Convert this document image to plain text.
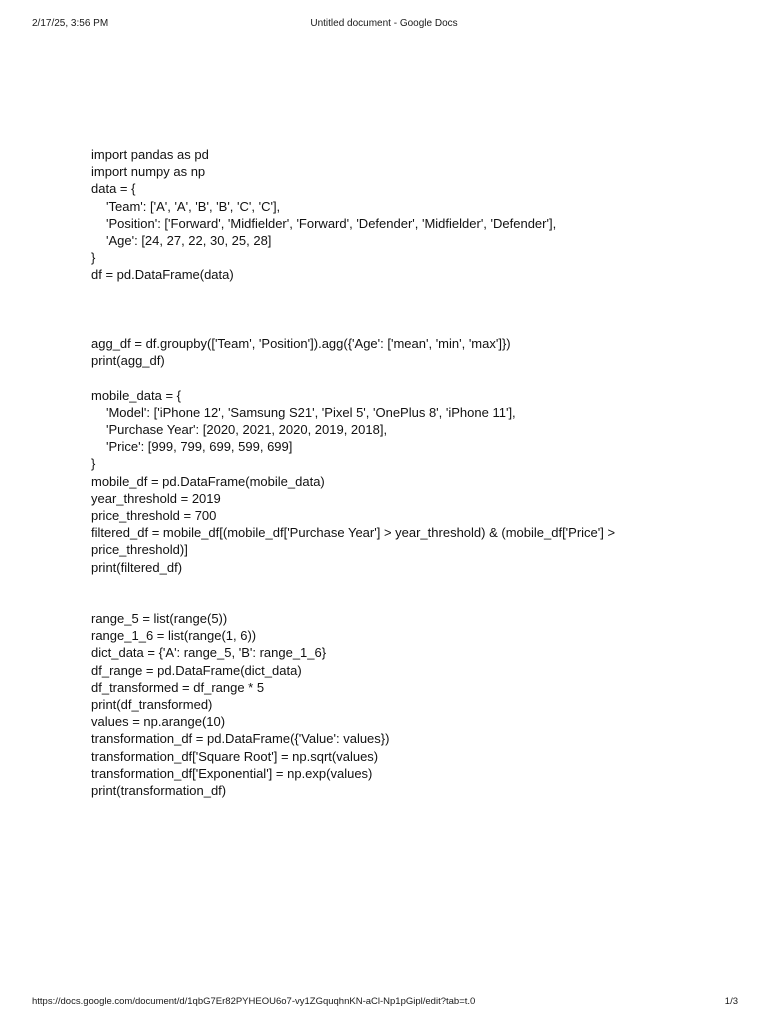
2/17/25, 3:56 PM	Untitled document - Google Docs
import pandas as pd
import numpy as np
data = {
'Team': ['A', 'A', 'B', 'B', 'C', 'C'],
'Position': ['Forward', 'Midfielder', 'Forward', 'Defender', 'Midfielder', 'Defender'],
'Age': [24, 27, 22, 30, 25, 28]
}
df = pd.DataFrame(data)
agg_df = df.groupby(['Team', 'Position']).agg({'Age': ['mean', 'min', 'max']})
print(agg_df)
mobile_data = {
'Model': ['iPhone 12', 'Samsung S21', 'Pixel 5', 'OnePlus 8', 'iPhone 11'],
'Purchase Year': [2020, 2021, 2020, 2019, 2018],
'Price': [999, 799, 699, 599, 699]
}
mobile_df = pd.DataFrame(mobile_data)
year_threshold = 2019
price_threshold = 700
filtered_df = mobile_df[(mobile_df['Purchase Year'] > year_threshold) & (mobile_df['Price'] >
price_threshold)]
print(filtered_df)
range_5 = list(range(5))
range_1_6 = list(range(1, 6))
dict_data = {'A': range_5, 'B': range_1_6}
df_range = pd.DataFrame(dict_data)
df_transformed = df_range * 5
print(df_transformed)
values = np.arange(10)
transformation_df = pd.DataFrame({'Value': values})
transformation_df['Square Root'] = np.sqrt(values)
transformation_df['Exponential'] = np.exp(values)
print(transformation_df)
https://docs.google.com/document/d/1qbG7Er82PYHEOU6o7-vy1ZGquqhnKN-aCl-Np1pGipl/edit?tab=t.0	1/3
